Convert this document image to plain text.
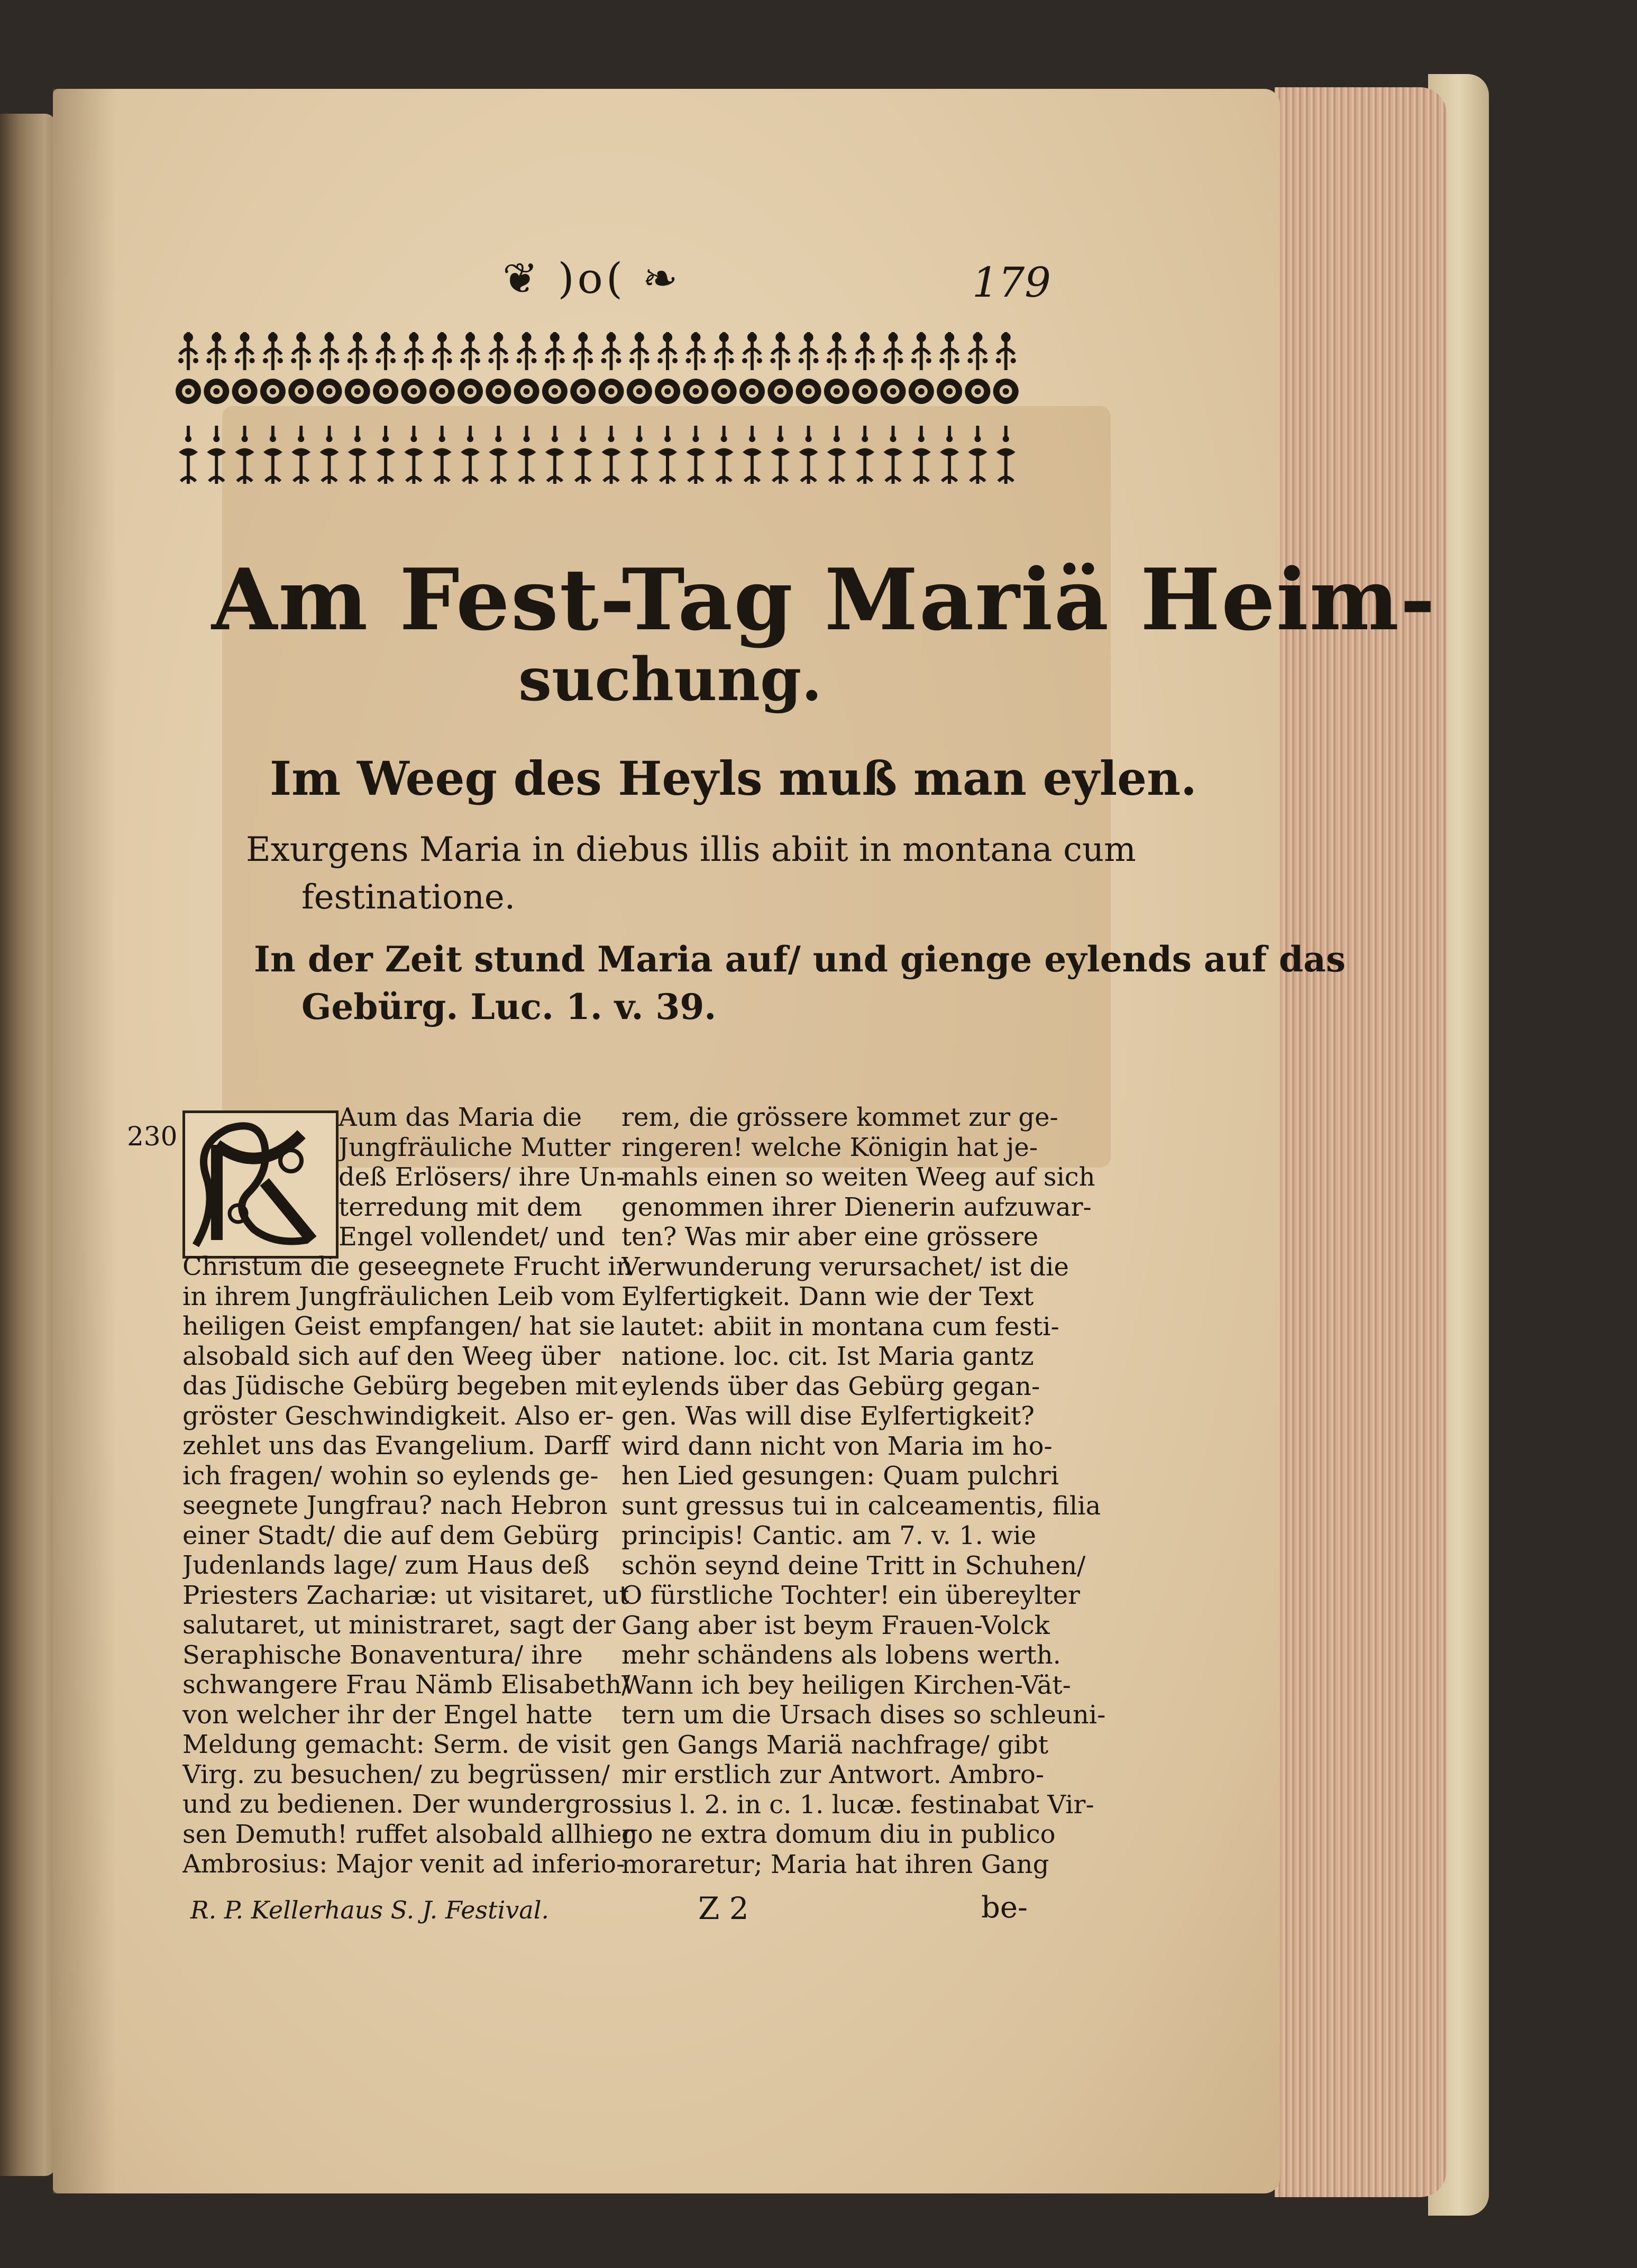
❦ )o( ❧	179
Am Fest-Tag Mariä Heim-
suchung.
Im Weeg des Heyls muß man eylen.
Exurgens Maria in diebus illis abiit in montana cum
festinatione.
In der Zeit stund Maria auf/ und gienge eylends auf das
Gebürg. Luc. 1. v. 39.
230
Aum das Maria die
Jungfräuliche Mutter
deß Erlösers/ ihre Un-
terredung mit dem
Engel vollendet/ und
Christum die geseegnete Frucht in
in ihrem Jungfräulichen Leib vom
heiligen Geist empfangen/ hat sie
alsobald sich auf den Weeg über
das Jüdische Gebürg begeben mit
gröster Geschwindigkeit. Also er-
zehlet uns das Evangelium. Darff
ich fragen/ wohin so eylends ge-
seegnete Jungfrau? nach Hebron
einer Stadt/ die auf dem Gebürg
Judenlands lage/ zum Haus deß
Priesters Zachariæ: ut visitaret, ut
salutaret, ut ministraret, sagt der
Seraphische Bonaventura/ ihre
schwangere Frau Nämb Elisabeth/
von welcher ihr der Engel hatte
Meldung gemacht: Serm. de visit
Virg. zu besuchen/ zu begrüssen/
und zu bedienen. Der wundergros-
sen Demuth! ruffet alsobald allhier
Ambrosius: Major venit ad inferio-
rem, die grössere kommet zur ge-
ringeren! welche Königin hat je-
mahls einen so weiten Weeg auf sich
genommen ihrer Dienerin aufzuwar-
ten? Was mir aber eine grössere
Verwunderung verursachet/ ist die
Eylfertigkeit. Dann wie der Text
lautet: abiit in montana cum festi-
natione. loc. cit. Ist Maria gantz
eylends über das Gebürg gegan-
gen. Was will dise Eylfertigkeit?
wird dann nicht von Maria im ho-
hen Lied gesungen: Quam pulchri
sunt gressus tui in calceamentis, filia
principis! Cantic. am 7. v. 1. wie
schön seynd deine Tritt in Schuhen/
O fürstliche Tochter! ein übereylter
Gang aber ist beym Frauen-Volck
mehr schändens als lobens werth.
Wann ich bey heiligen Kirchen-Vät-
tern um die Ursach dises so schleuni-
gen Gangs Mariä nachfrage/ gibt
mir erstlich zur Antwort. Ambro-
sius l. 2. in c. 1. lucæ. festinabat Vir-
go ne extra domum diu in publico
moraretur; Maria hat ihren Gang
R. P. Kellerhaus S. J. Festival.	Z 2	be-
